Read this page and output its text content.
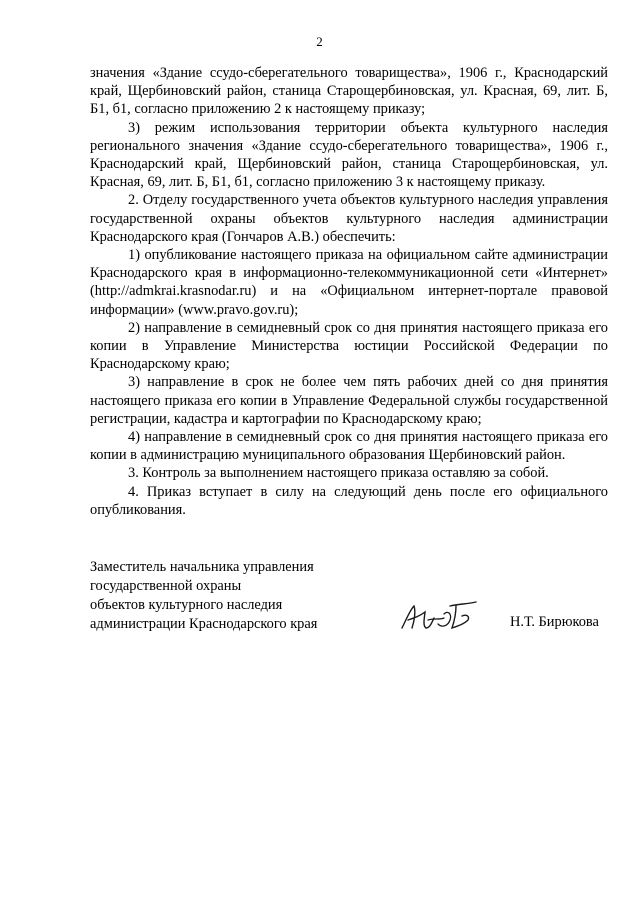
2

значения «Здание ссудо-сберегательного товарищества», 1906 г., Краснодарский край, Щербиновский район, станица Старощербиновская, ул. Красная, 69, лит. Б, Б1, б1, согласно приложению 2 к настоящему приказу;

3) режим использования территории объекта культурного наследия регионального значения «Здание ссудо-сберегательного товарищества», 1906 г., Краснодарский край, Щербиновский район, станица Старощербиновская, ул. Красная, 69, лит. Б, Б1, б1, согласно приложению 3 к настоящему приказу.

2. Отделу государственного учета объектов культурного наследия управления государственной охраны объектов культурного наследия администрации Краснодарского края (Гончаров А.В.) обеспечить:

1) опубликование настоящего приказа на официальном сайте администрации Краснодарского края в информационно-телекоммуникационной сети «Интернет» (http://admkrai.krasnodar.ru) и на «Официальном интернет-портале правовой информации» (www.pravo.gov.ru);

2) направление в семидневный срок со дня принятия настоящего приказа его копии в Управление Министерства юстиции Российской Федерации по Краснодарскому краю;

3) направление в срок не более чем пять рабочих дней со дня принятия настоящего приказа его копии в Управление Федеральной службы государственной регистрации, кадастра и картографии по Краснодарскому краю;

4) направление в семидневный срок со дня принятия настоящего приказа его копии в администрацию муниципального образования Щербиновский район.

3. Контроль за выполнением настоящего приказа оставляю за собой.

4. Приказ вступает в силу на следующий день после его официального опубликования.

Заместитель начальника управления
государственной охраны
объектов культурного наследия
администрации Краснодарского края	Н.Т. Бирюкова
